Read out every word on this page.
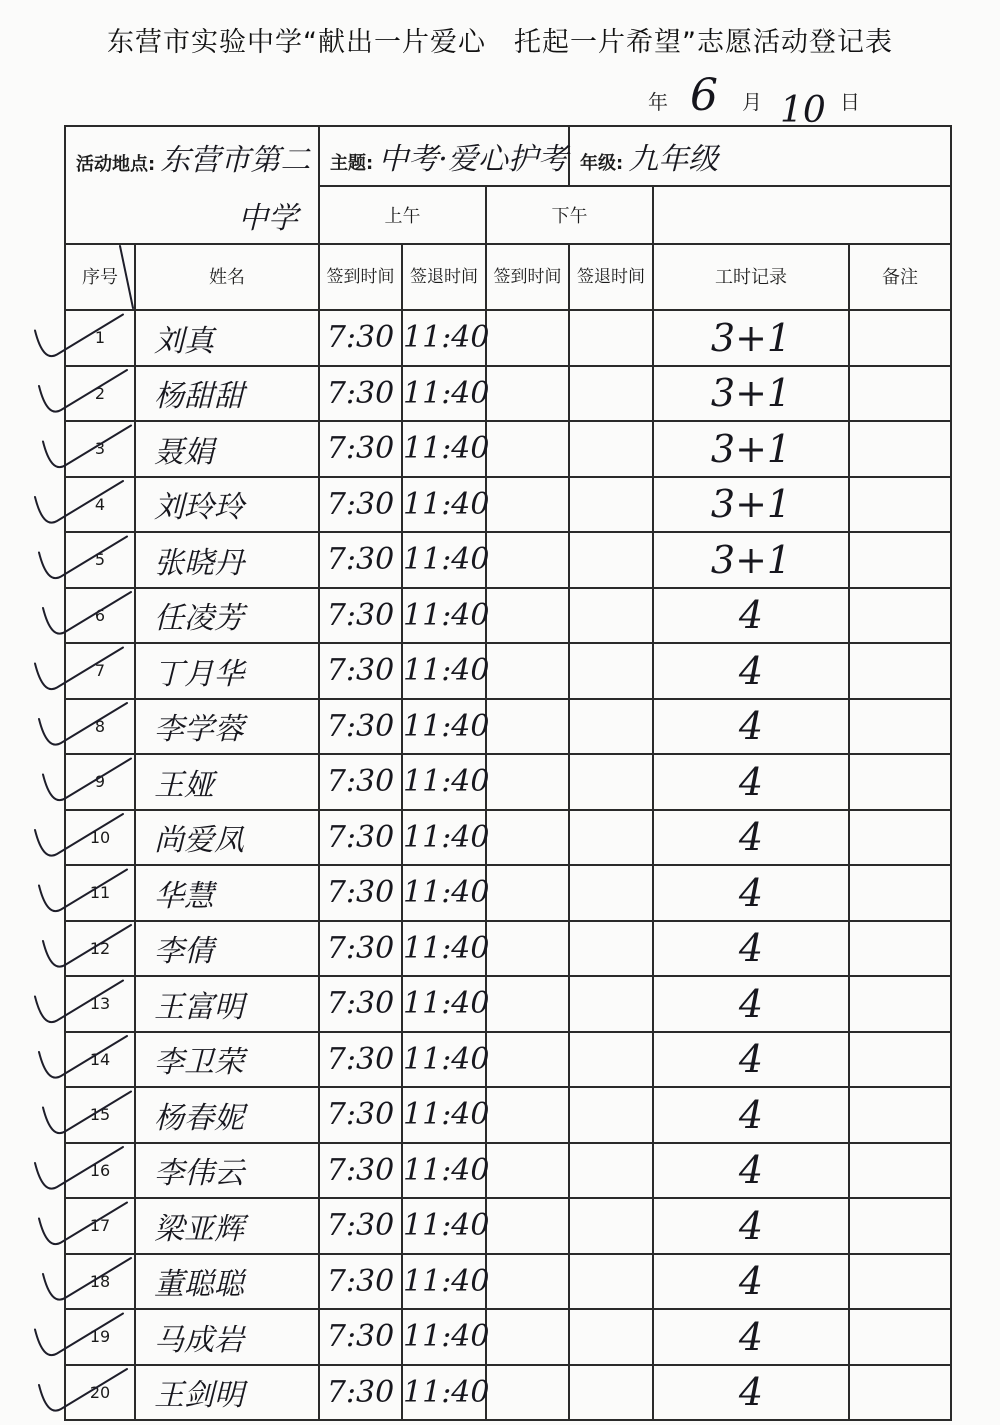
东营市实验中学“献出一片爱心　托起一片希望”志愿活动登记表
年 6 月 10 日
活动地点: 东营市第二		主题: 中考·爱心护考			年级: 九年级		
中学		上午		下午			
序号	姓名	签到时间	签退时间	签到时间	签退时间	工时记录	备注
1	刘真	7:30	11:40			3+1	
2	杨甜甜	7:30	11:40			3+1	
3	聂娟	7:30	11:40			3+1	
4	刘玲玲	7:30	11:40			3+1	
5	张晓丹	7:30	11:40			3+1	
6	任凌芳	7:30	11:40			4	
7	丁月华	7:30	11:40			4	
8	李学蓉	7:30	11:40			4	
9	王娅	7:30	11:40			4	
10	尚爱凤	7:30	11:40			4	
11	华慧	7:30	11:40			4	
12	李倩	7:30	11:40			4	
13	王富明	7:30	11:40			4	
14	李卫荣	7:30	11:40			4	
15	杨春妮	7:30	11:40			4	
16	李伟云	7:30	11:40			4	
17	梁亚辉	7:30	11:40			4	
18	董聪聪	7:30	11:40			4	
19	马成岩	7:30	11:40			4	
20	王剑明	7:30	11:40			4	
